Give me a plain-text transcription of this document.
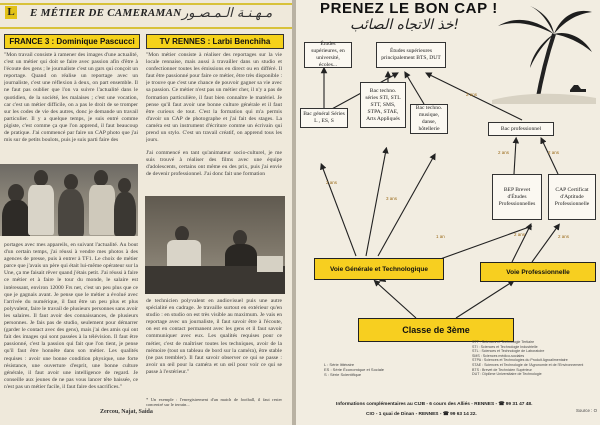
L E MÉTIER DE CAMERAMAN مـهـنـة الـمـصـور
FRANCE 3 : Dominique Pascucci	TV RENNES : Larbi Benchiha
"Mon travail consiste à ramener des images d'une actualité, c'est un métier qui doit se faire avec passion afin d'être à l'écoute des gens ; le journaliste c'est un gars qui conçoit un reportage. Quand on réalise un reportage avec un journaliste, c'est une réflexion à deux, on part ensemble. Il ne faut pas oublier que l'on va suivre l'actualité dans le quotidien, de la société, les malaises ; c'est une vocation, car c'est un métier difficile, on a pas le droit de se tromper sur les codes de vie des autres, donc je demande un travail particulier. Il y a quelque temps, je suis entré comme pigiste, c'est comme ça que l'on apprend, il faut beaucoup de pratique. J'ai commencé par faire un CAP photo que j'ai mis sur de petits boulots, puis je suis parti faire des
portages avec mes appareils, en suivant l'actualité. Au bout d'un certain temps, j'ai réussi à vendre mes photos à des agences de presse, puis à entrer à TF1. Le choix de métier parce que j'avais un père qui était lui-même opérateur sur la Une, ça me faisait rêver quand j'étais petit. J'ai réussi à faire ce métier et à faire le tour du monde, le salaire est intéressant, environ 12000 Frs net, c'est un peu plus que ce que je gagnais avant. Je pense que le métier a évolué avec l'arrivée du numérique, il faut être un peu plus et plus polyvalent, faire le travail de plusieurs personnes sans avoir les salaires. Il faut avoir des connaissances, de plusieurs personnes. Je fais pas de studio, seulement pour démarrer (garder le contact avec des gens), mais j'ai des amis qui ont fait des images qui sont passées à la télévision. Il faut être passionné, c'est la passion qui fait que l'on tient, je pense qu'il faut être honnête dans son métier. Les qualités requises : avoir une bonne condition physique, une forte résistance, une ouverture d'esprit, une bonne culture générale, il faut avoir une intelligence de regard. Je conseille aux jeunes de ne pas vous lancer tête baissée, ce n'est pas un métier facile, il faut faire des sacrifices."
"Mon métier consiste à réaliser des reportages sur la vie locale rennaise, mais aussi à travailler dans un studio et confectionner toutes les émissions en direct ou en différé. Il faut être passionné pour faire ce métier, être très disponible : je trouve que c'est une chance de pouvoir gagner sa vie avec sa passion. Ce métier n'est pas un métier cher, il n'y a pas de formation particulière, il faut bien connaître le matériel. Je pense qu'il faut avoir une bonne culture générale et il faut être curieux de tout. C'est la formation qui m'a permis d'avoir un CAP de photographe et j'ai fait des stages. La caméra est un instrument d'écriture comme un écrivain qui prend un stylo. C'est un travail créatif, on apprend tous les jours.
J'ai commencé en tant qu'animateur socio-culturel, je me suis trouvé à réaliser des films avec une équipe d'adolescents, certains ont même eu des prix, puis j'ai envie de devenir professionnel. J'ai donc fait une formation
de technicien polyvalent en audiovisuel puis une autre spécialité en cadrage. Je travaille surtout en extérieur qu'en studio : en studio on est très visible au maximum. Je vais en reportage avec un journaliste, il faut savoir être à l'écoute, on est en contact permanent avec les gens et il faut savoir communiquer avec eux. Les qualités requises pour ce métier, c'est de maîtriser toutes les techniques, avoir de la mémoire (tout un tableau de bord sur la caméra), être stable (ne pas trembler). Il faut savoir observer ce qui se passe : avoir un œil pour la caméra et un œil pour voir ce qui se passe à l'extérieur."
* Un exemple : l'enregistrement d'un match de football, il faut rester concentré sur le terrain...
Zercou, Najat, Saida
PRENEZ LE BON CAP !
خذ الاتجاه الصائب!
Études supérieures, en université, écoles...
Études supérieures principalement BTS, DUT
Bac général Séries L , ES, S
Bac techno. séries STI, STL STT, SMS, STPA, STAE, Arts Appliqués
Bac techno. musique, danse, hôtellerie	Bac professionnel
BEP Brevet d'Études Professionnelles
CAP Certificat d'Aptitude Professionnelle
Voie Générale et Technologique	Voie Professionnelle
Classe de 3ème
2 ans
3 ans
2 ans	2 ans
2 ans	2 ans
1 an
2 ans
L : Série littéraire
ES : Série Économique et Sociale
S : Série Scientifique
STT : Sciences et Technologie Tertiaire
STI : Sciences et Technologie Industrielle
STL : Sciences et Technologie de Laboratoire
SMS : Sciences médico-sociales
STPA : Sciences et Technologies du Produit Agroalimentaire
STAE : Sciences et Technologie de l'Agronomie et de l'Environnement
BTS : Brevet de Technicien Supérieur
DUT : Diplôme Universitaire de Technologie
Informations complémentaires au CIJB - 6 cours des Alliés - RENNES - ☎ 99 31 47 48.
CIO - 1 quai de Dinan - RENNES - ☎ 99 63 14 22.
Source : O
